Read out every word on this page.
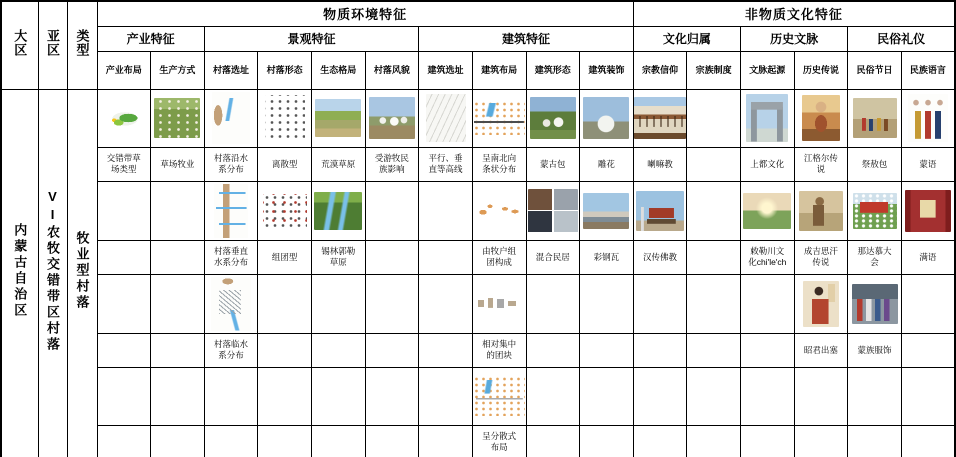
大区	亚区	类型	物质环境特征										非物质文化特征					
			产业特征		景观特征				建筑特征				文化归属		历史文脉		民俗礼仪	
			产业布局	生产方式	村落选址	村落形态	生态格局	村落风貌	建筑选址	建筑布局	建筑形态	建筑装饰	宗教信仰	宗族制度	文脉起源	历史传说	民俗节日	民族语言
内蒙古自治区	VI农牧交错带区村落	牧业型村落	

			交错带草场类型	草场牧业	村落沿水系分布	离散型	荒漠草原	受游牧民族影响	平行、垂直等高线	呈南北向条状分布	蒙古包	雕花	喇嘛教		上都文化	江格尔传说	祭敖包	蒙语

					村落垂直水系分布	组团型	锡林郭勒草原			由牧户组团构成	混合民居	彩钢瓦	汉传佛教		敕勒川文化chi'le'ch	成吉思汗传说	那达慕大会	满语

					村落临水系分布					相对集中的团块						昭君出塞	蒙族服饰	

										呈分散式布局								
